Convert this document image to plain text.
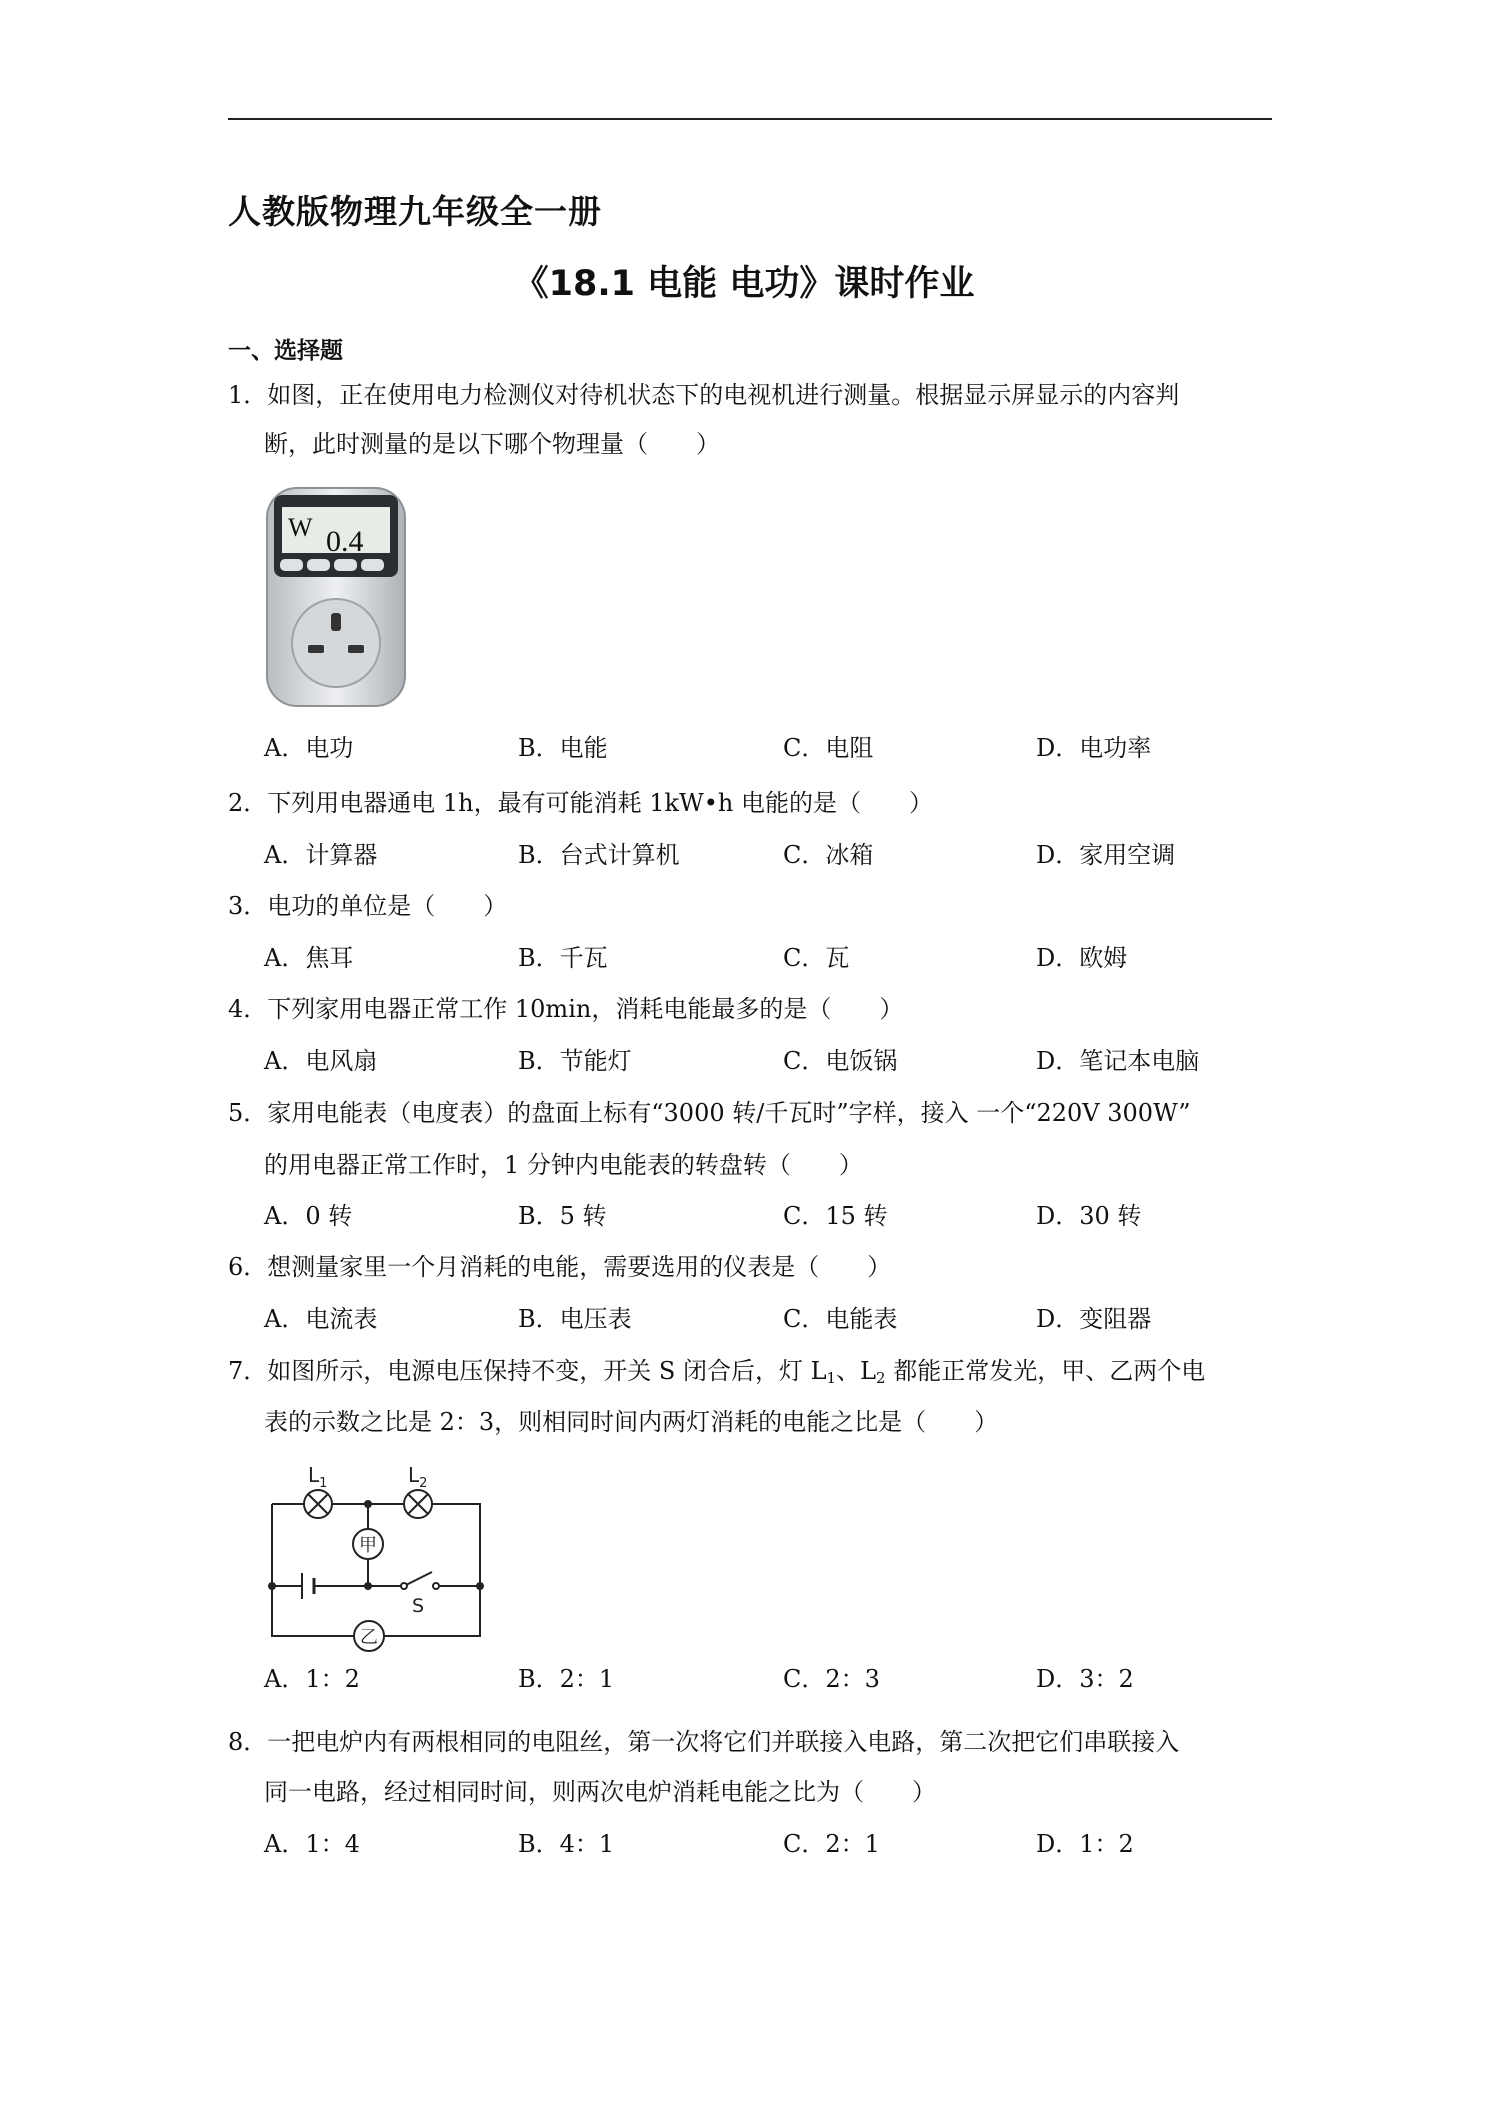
人教版物理九年级全一册
《18.1 电能 电功》课时作业
一、选择题
1．如图，正在使用电力检测仪对待机状态下的电视机进行测量。根据显示屏显示的内容判
断，此时测量的是以下哪个物理量（　　）
W 0.4
A．电功	B．电能	C．电阻	D．电功率
2．下列用电器通电 1h，最有可能消耗 1kW•h 电能的是（　　）
A．计算器	B．台式计算机	C．冰箱	D．家用空调
3．电功的单位是（　　）
A．焦耳	B．千瓦	C．瓦	D．欧姆
4．下列家用电器正常工作 10min，消耗电能最多的是（　　）
A．电风扇	B．节能灯	C．电饭锅	D．笔记本电脑
5．家用电能表（电度表）的盘面上标有“3000 转/千瓦时”字样，接入 一个“220V 300W”
的用电器正常工作时，1 分钟内电能表的转盘转（　　）
A．0 转	B．5 转	C．15 转	D．30 转
6．想测量家里一个月消耗的电能，需要选用的仪表是（　　）
A．电流表	B．电压表	C．电能表	D．变阻器
7．如图所示，电源电压保持不变，开关 S 闭合后，灯 $L_1$、$L_2$ 都能正常发光，甲、乙两个电
表的示数之比是 2：3，则相同时间内两灯消耗的电能之比是（　　）
$L_1$	$L_2$
甲
乙
S
A．1：2	B．2：1	C．2：3	D．3：2
8．一把电炉内有两根相同的电阻丝，第一次将它们并联接入电路，第二次把它们串联接入
同一电路，经过相同时间，则两次电炉消耗电能之比为（　　）
A．1：4	B．4：1	C．2：1	D．1：2
